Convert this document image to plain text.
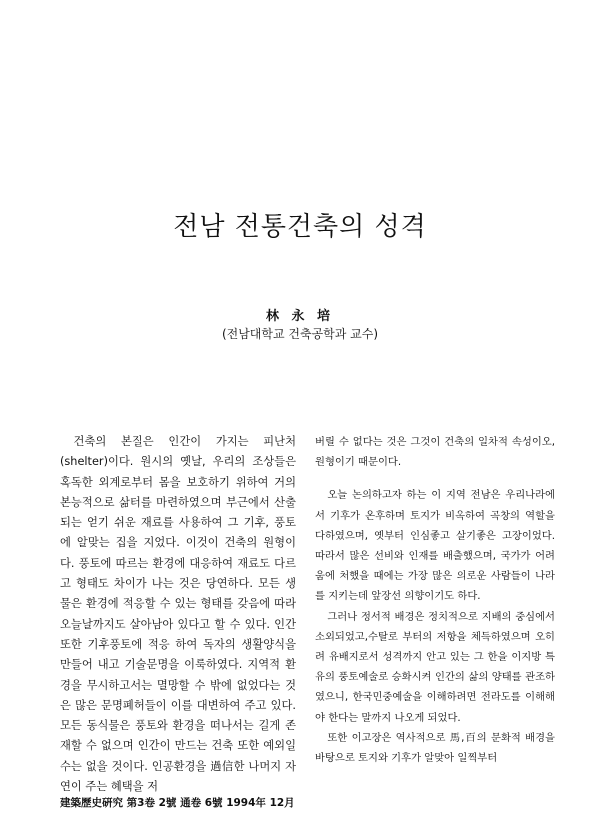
전남 전통건축의 성격
林 永 培
(전남대학교 건축공학과 교수)

건축의 본질은 인간이 가지는 피난처(shelter)이다. 원시의 옛날, 우리의 조상들은 혹독한 외계로부터 몸을 보호하기 위하여 거의 본능적으로 삶터를 마련하였으며 부근에서 산출되는 얻기 쉬운 재료를 사용하여 그 기후, 풍토에 알맞는 집을 지었다. 이것이 건축의 원형이다. 풍토에 따르는 환경에 대응하여 재료도 다르고 형태도 차이가 나는 것은 당연하다. 모든 생물은 환경에 적응할 수 있는 형태를 갖음에 따라 오늘날까지도 살아남아 있다고 할 수 있다. 인간 또한 기후풍토에 적응 하여 독자의 생활양식을 만들어 내고 기술문명을 이룩하였다. 지역적 환경을 무시하고서는 멸망할 수 밖에 없었다는 것은 많은 문명폐허들이 이를 대변하여 주고 있다. 모든 동식물은 풍토와 환경을 떠나서는 길게 존재할 수 없으며 인간이 만드는 건축 또한 예외일 수는 없을 것이다. 인공환경을 過信한 나머지 자연이 주는 혜택을 저

버릴 수 없다는 것은 그것이 건축의 일차적 속성이오, 원형이기 때문이다.

오늘 논의하고자 하는 이 지역 전남은 우리나라에서 기후가 온후하며 토지가 비옥하여 곡창의 역할을 다하였으며, 옛부터 인심좋고 살기좋은 고장이었다. 따라서 많은 선비와 인재를 배출했으며, 국가가 어려움에 처했을 때에는 가장 많은 의로운 사람들이 나라를 지키는데 앞장선 의향이기도 하다.

그러나 정서적 배경은 정치적으로 지배의 중심에서 소외되었고,수탈로 부터의 저항을 체득하였으며 오히려 유배지로서 성격까지 안고 있는 그 한을 이지방 특유의 풍토예술로 승화시켜 인간의 삶의 양태를 관조하였으니, 한국민중예술을 이해하려면 전라도를 이해해야 한다는 말까지 나오게 되었다.

또한 이고장은 역사적으로 馬,百의 문화적 배경을 바탕으로 토지와 기후가 알맞아 일찍부터

建築歷史硏究 第3卷 2號 通卷 6號 1994年 12月
